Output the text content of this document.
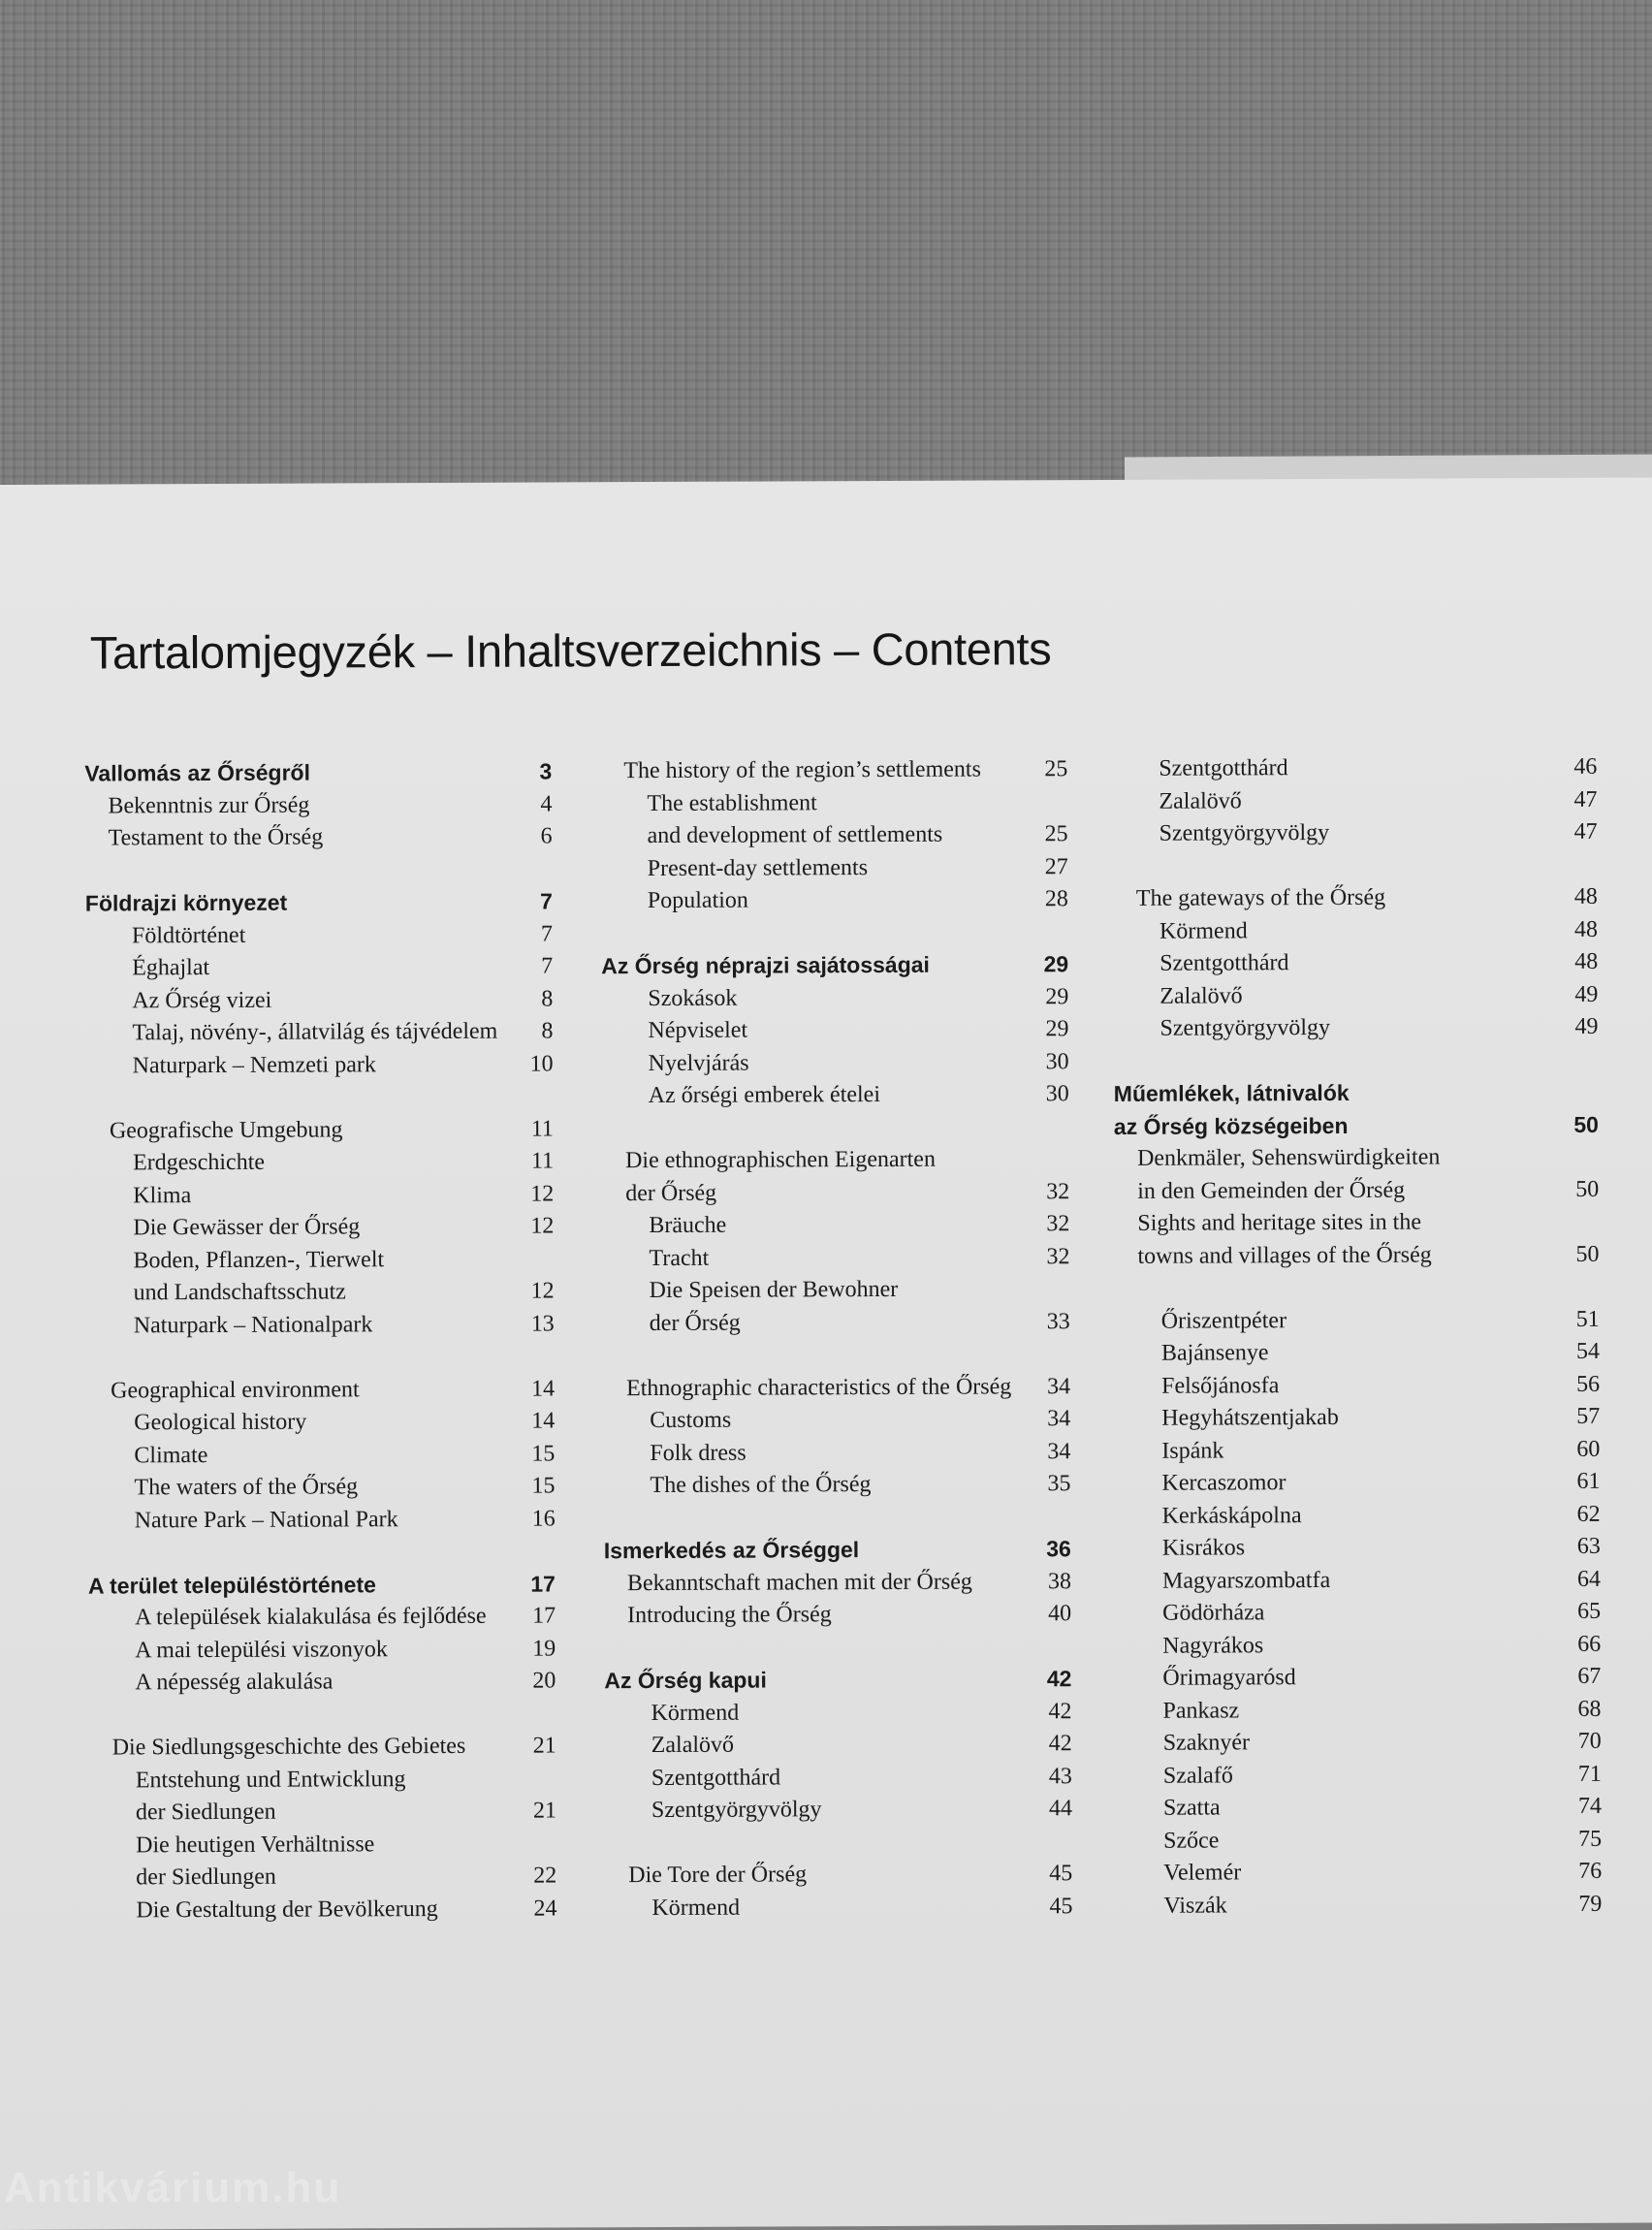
Tartalomjegyzék – Inhaltsverzeichnis – Contents
Vallomás az Őrségről	3
Bekenntnis zur Őrség	4
Testament to the Őrség	6
Földrajzi környezet	7
Földtörténet	7
Éghajlat	7
Az Őrség vizei	8
Talaj, növény-, állatvilág és tájvédelem 8
Naturpark – Nemzeti park	10
Geografische Umgebung	11
Erdgeschichte	11
Klima	12
Die Gewässer der Őrség	12
Boden, Pflanzen-, Tierwelt
und Landschaftsschutz	12
Naturpark – Nationalpark	13
Geographical environment	14
Geological history	14
Climate	15
The waters of the Őrség	15
Nature Park – National Park	16
A terület településtörténete	17
A települések kialakulása és fejlődése 17
A mai települési viszonyok	19
A népesség alakulása	20
Die Siedlungsgeschichte des Gebietes	21
Entstehung und Entwicklung
der Siedlungen	21
Die heutigen Verhältnisse
der Siedlungen	22
Die Gestaltung der Bevölkerung	24
The history of the region’s settlements	25
The establishment
and development of settlements	25
Present-day settlements	27
Population	28
Az Őrség néprajzi sajátosságai	29
Szokások	29
Népviselet	29
Nyelvjárás	30
Az őrségi emberek ételei	30
Die ethnographischen Eigenarten
der Őrség	32
Bräuche	32
Tracht	32
Die Speisen der Bewohner
der Őrség	33
Ethnographic characteristics of the Őrség 34
Customs	34
Folk dress	34
The dishes of the Őrség	35
Ismerkedés az Őrséggel	36
Bekanntschaft machen mit der Őrség	38
Introducing the Őrség	40
Az Őrség kapui	42
Körmend	42
Zalalövő	42
Szentgotthárd	43
Szentgyörgyvölgy	44
Die Tore der Őrség	45
Körmend	45
Szentgotthárd	46
Zalalövő	47
Szentgyörgyvölgy	47
The gateways of the Őrség	48
Körmend	48
Szentgotthárd	48
Zalalövő	49
Szentgyörgyvölgy	49
Műemlékek, látnivalók
az Őrség községeiben	50
Denkmäler, Sehenswürdigkeiten
in den Gemeinden der Őrség	50
Sights and heritage sites in the
towns and villages of the Őrség	50
Őriszentpéter	51
Bajánsenye	54
Felsőjánosfa	56
Hegyhátszentjakab	57
Ispánk	60
Kercaszomor	61
Kerkáskápolna	62
Kisrákos	63
Magyarszombatfa	64
Gödörháza	65
Nagyrákos	66
Őrimagyarósd	67
Pankasz	68
Szaknyér	70
Szalafő	71
Szatta	74
Szőce	75
Velemér	76
Viszák	79
Antikvárium.hu
